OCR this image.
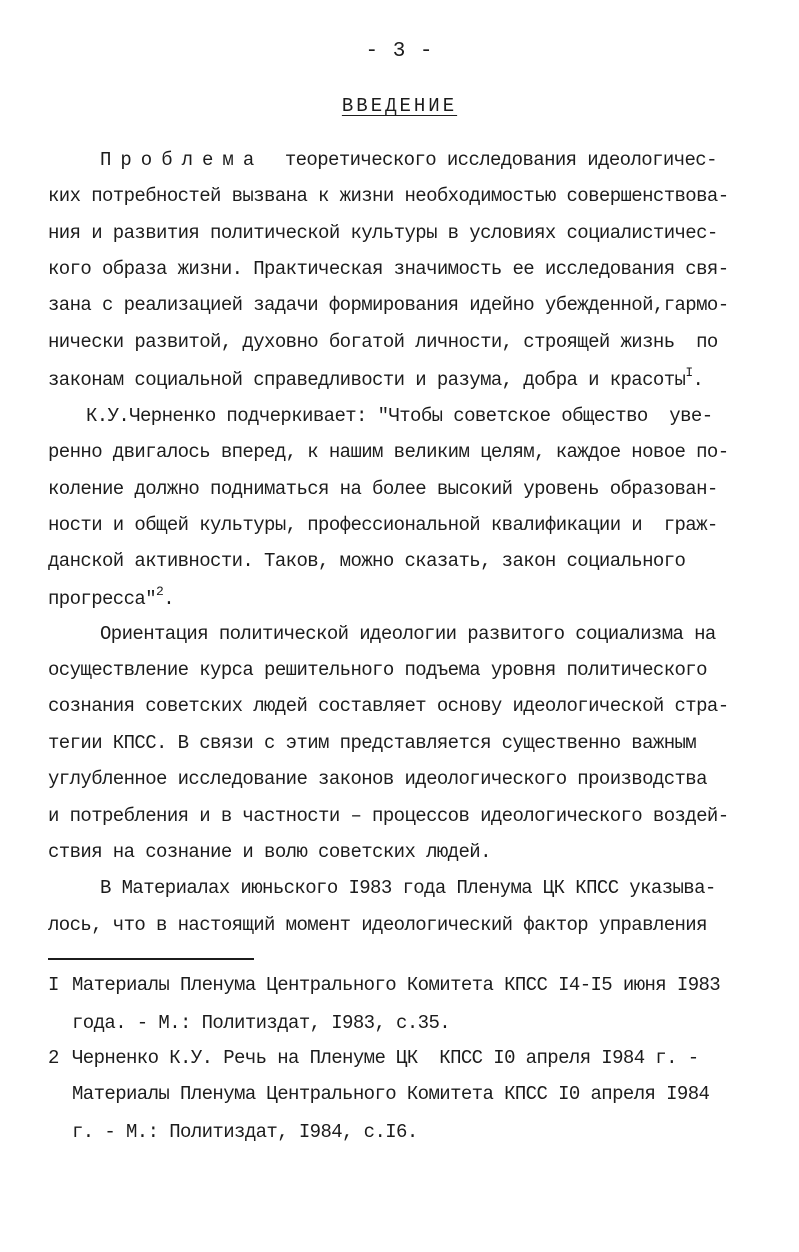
- 3 -
ВВЕДЕНИЕ
Проблема  теоретического исследования идеологичес-
ких потребностей вызвана к жизни необходимостью совершенствова-
ния и развития политической культуры в условиях социалистичес-
кого образа жизни. Практическая значимость ее исследования свя-
зана с реализацией задачи формирования идейно убежденной,гармо-
нически развитой, духовно богатой личности, строящей жизнь  по
законам социальной справедливости и разума, добра и красоты$^I$.
К.У.Черненко подчеркивает: "Чтобы советское общество  уве-
ренно двигалось вперед, к нашим великим целям, каждое новое по-
коление должно подниматься на более высокий уровень образован-
ности и общей культуры, профессиональной квалификации и  граж-
данской активности. Таков, можно сказать, закон социального
прогресса"$^2$.
Ориентация политической идеологии развитого социализма на
осуществление курса решительного подъема уровня политического
сознания советских людей составляет основу идеологической стра-
тегии КПСС. В связи с этим представляется существенно важным
углубленное исследование законов идеологического производства
и потребления и в частности – процессов идеологического воздей-
ствия на сознание и волю советских людей.
В Материалах июньского I983 года Пленума ЦК КПСС указыва-
лось, что в настоящий момент идеологический фактор управления
I Материалы Пленума Центрального Комитета КПСС I4-I5 июня I983
года. - М.: Политиздат, I983, с.35.
2 Черненко К.У. Речь на Пленуме ЦК  КПСС I0 апреля I984 г. -
Материалы Пленума Центрального Комитета КПСС I0 апреля I984
г. - М.: Политиздат, I984, с.I6.
